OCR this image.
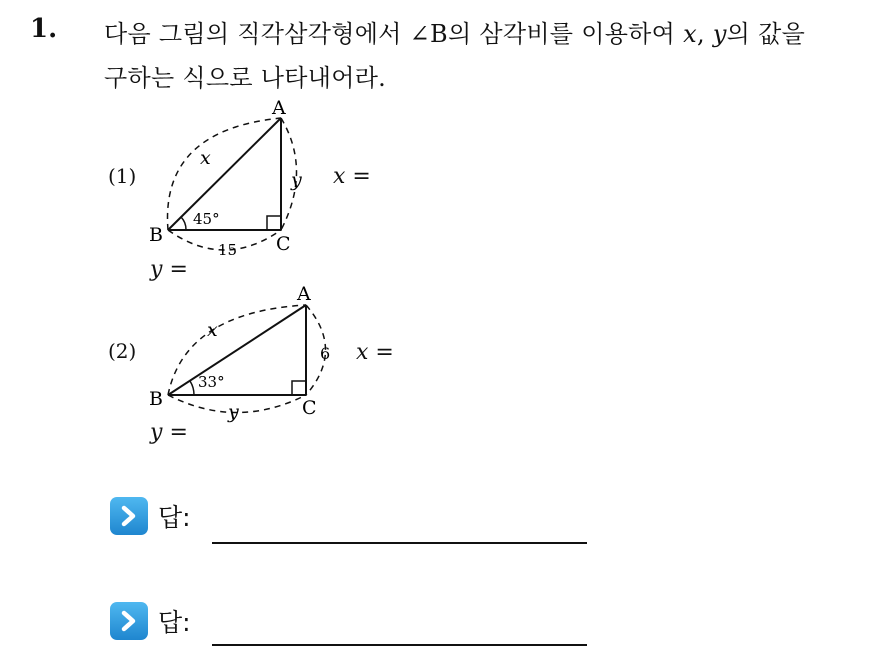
1. 다음 그림의 직각삼각형에서 ∠B의 삼각비를 이용하여 x, y의 값을
구하는 식으로 나타내어라.
(1)
A
B	C
x
y
15
45°
x =
y =
(2)
A
B	C
x
6
y
33°
x =
y =
답:
답:
